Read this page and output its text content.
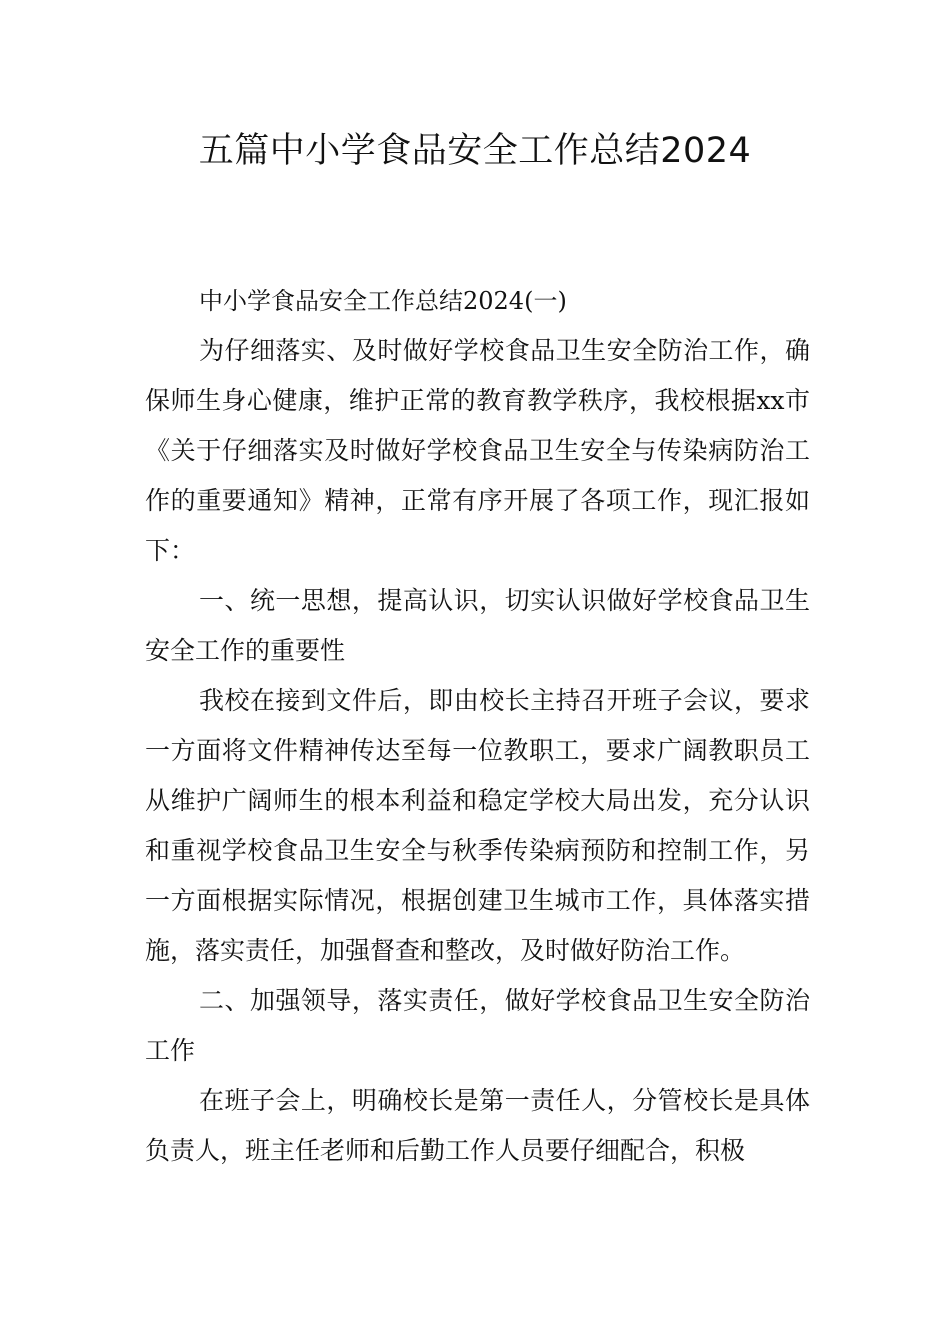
五篇中小学食品安全工作总结2024

中小学食品安全工作总结2024(一)

为仔细落实、及时做好学校食品卫生安全防治工作，确保师生身心健康，维护正常的教育教学秩序，我校根据xx市《关于仔细落实及时做好学校食品卫生安全与传染病防治工作的重要通知》精神，正常有序开展了各项工作，现汇报如下：

一、统一思想，提高认识，切实认识做好学校食品卫生安全工作的重要性

我校在接到文件后，即由校长主持召开班子会议，要求一方面将文件精神传达至每一位教职工，要求广阔教职员工从维护广阔师生的根本利益和稳定学校大局出发，充分认识和重视学校食品卫生安全与秋季传染病预防和控制工作，另一方面根据实际情况，根据创建卫生城市工作，具体落实措施，落实责任，加强督查和整改，及时做好防治工作。

二、加强领导，落实责任，做好学校食品卫生安全防治工作

在班子会上，明确校长是第一责任人，分管校长是具体负责人，班主任老师和后勤工作人员要仔细配合，积极
